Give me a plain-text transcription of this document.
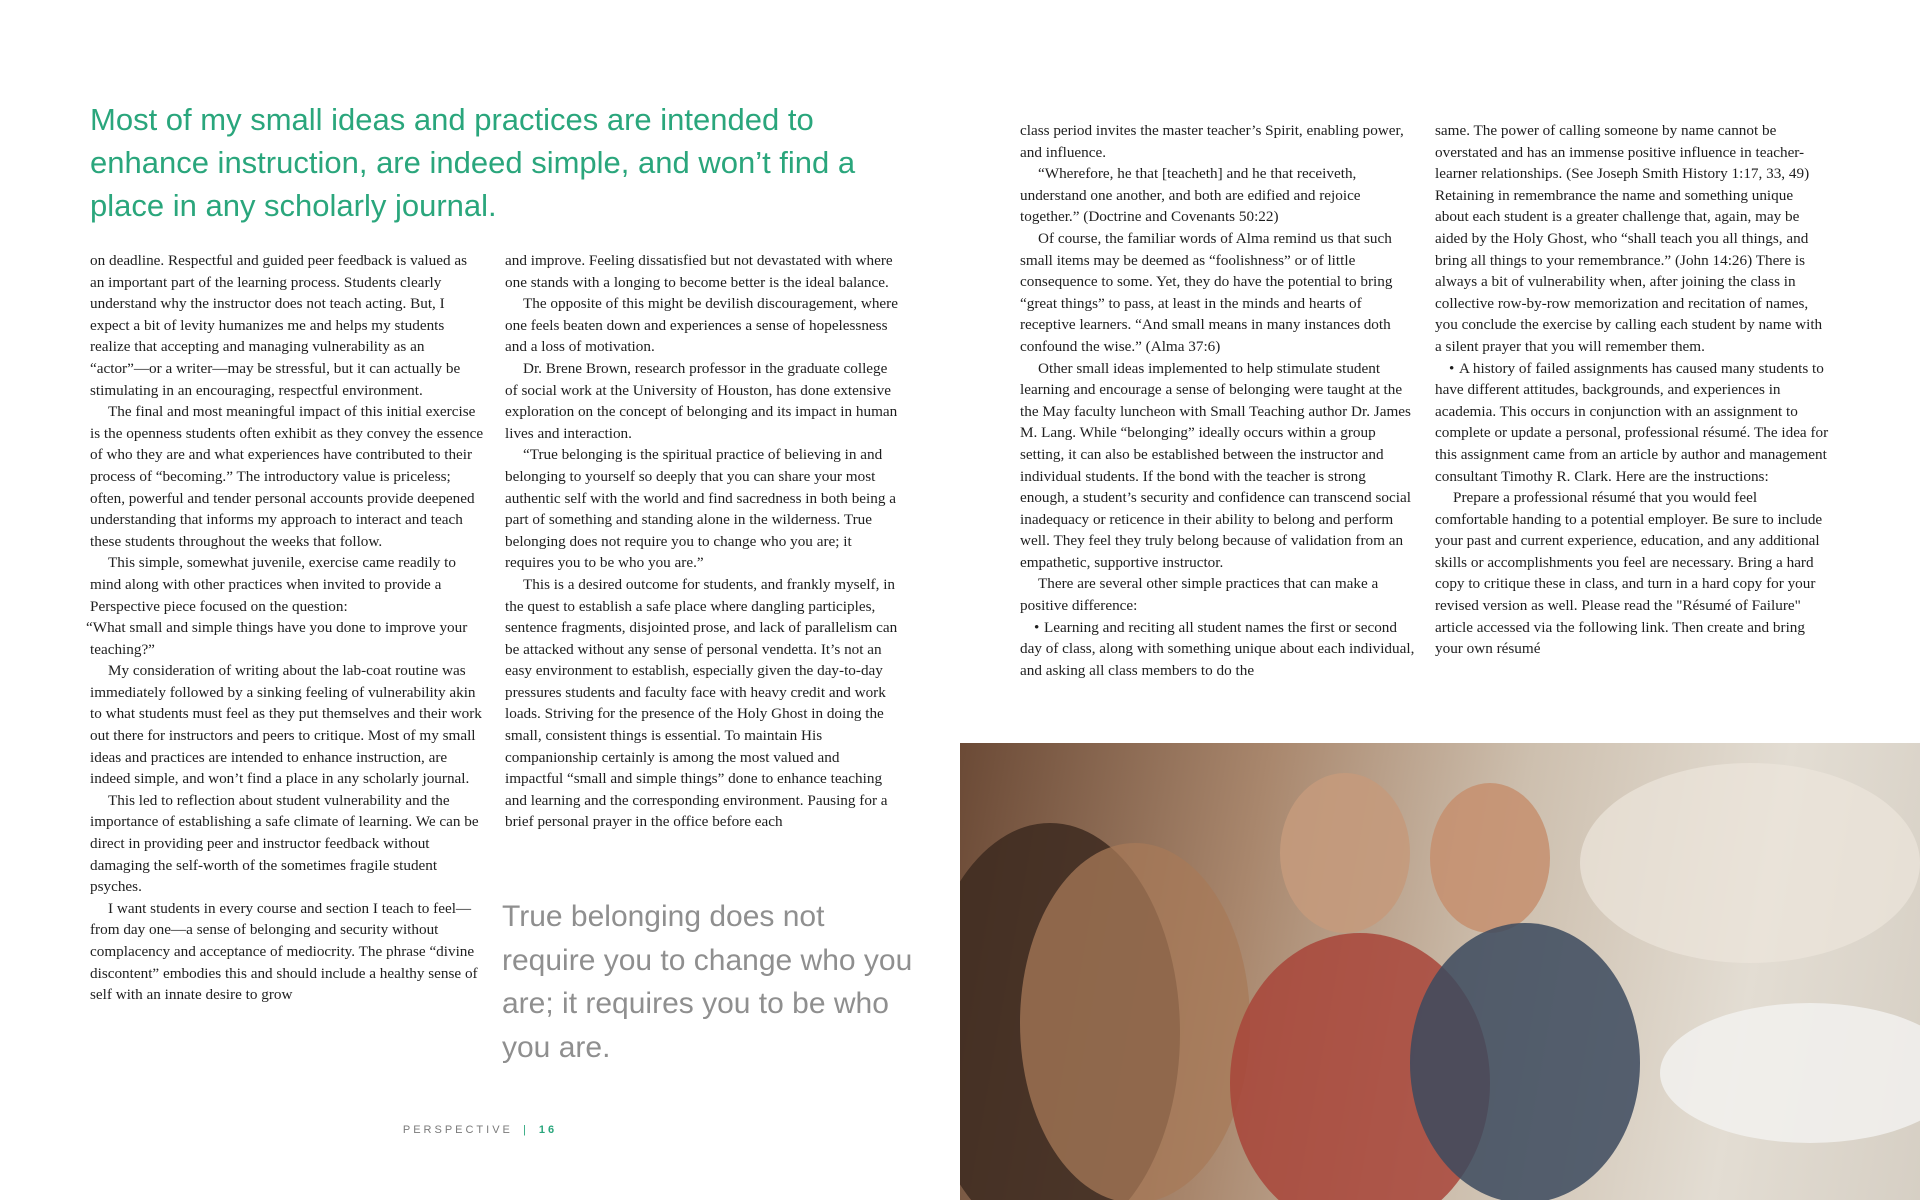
Most of my small ideas and practices are intended to enhance instruction, are indeed simple, and won’t find a place in any scholarly journal.

on deadline. Respectful and guided peer feedback is valued as an important part of the learning process. Students clearly understand why the instructor does not teach acting. But, I expect a bit of levity humanizes me and helps my students realize that accepting and managing vulnerability as an “actor”—or a writer—may be stressful, but it can actually be stimulating in an encouraging, respectful environment.

The final and most meaningful impact of this initial exercise is the openness students often exhibit as they convey the essence of who they are and what experiences have contributed to their process of “becoming.” The introductory value is priceless; often, powerful and tender personal accounts provide deepened understanding that informs my approach to interact and teach these students throughout the weeks that follow.

This simple, somewhat juvenile, exercise came readily to mind along with other practices when invited to provide a Perspective piece focused on the question:

“What small and simple things have you done to improve your teaching?”

My consideration of writing about the lab-coat routine was immediately followed by a sinking feeling of vulnerability akin to what students must feel as they put themselves and their work out there for instructors and peers to critique. Most of my small ideas and practices are intended to enhance instruction, are indeed simple, and won’t find a place in any scholarly journal.

This led to reflection about student vulnerability and the importance of establishing a safe climate of learning. We can be direct in providing peer and instructor feedback without damaging the self-worth of the sometimes fragile student psyches.

I want students in every course and section I teach to feel—from day one—a sense of belonging and security without complacency and acceptance of mediocrity. The phrase “divine discontent” embodies this and should include a healthy sense of self with an innate desire to grow

and improve. Feeling dissatisfied but not devastated with where one stands with a longing to become better is the ideal balance.

The opposite of this might be devilish discouragement, where one feels beaten down and experiences a sense of hopelessness and a loss of motivation.

Dr. Brene Brown, research professor in the graduate college of social work at the University of Houston, has done extensive exploration on the concept of belonging and its impact in human lives and interaction.

“True belonging is the spiritual practice of believing in and belonging to yourself so deeply that you can share your most authentic self with the world and find sacredness in both being a part of something and standing alone in the wilderness. True belonging does not require you to change who you are; it requires you to be who you are.”

This is a desired outcome for students, and frankly myself, in the quest to establish a safe place where dangling participles, sentence fragments, disjointed prose, and lack of parallelism can be attacked without any sense of personal vendetta. It’s not an easy environment to establish, especially given the day-to-day pressures students and faculty face with heavy credit and work loads. Striving for the presence of the Holy Ghost in doing the small, consistent things is essential. To maintain His companionship certainly is among the most valued and impactful “small and simple things” done to enhance teaching and learning and the corresponding environment. Pausing for a brief personal prayer in the office before each

True belonging does not require you to change who you are; it requires you to be who you are.

PERSPECTIVE | 16

class period invites the master teacher’s Spirit, enabling power, and influence.

“Wherefore, he that [teacheth] and he that receiveth, understand one another, and both are edified and rejoice together.” (Doctrine and Covenants 50:22)

Of course, the familiar words of Alma remind us that such small items may be deemed as “foolishness” or of little consequence to some. Yet, they do have the potential to bring “great things” to pass, at least in the minds and hearts of receptive learners. “And small means in many instances doth confound the wise.” (Alma 37:6)

Other small ideas implemented to help stimulate student learning and encourage a sense of belonging were taught at the the May faculty luncheon with Small Teaching author Dr. James M. Lang. While “belonging” ideally occurs within a group setting, it can also be established between the instructor and individual students. If the bond with the teacher is strong enough, a student’s security and confidence can transcend social inadequacy or reticence in their ability to belong and perform well. They feel they truly belong because of validation from an empathetic, supportive instructor.

There are several other simple practices that can make a positive difference:

• Learning and reciting all student names the first or second day of class, along with something unique about each individual, and asking all class members to do the

same. The power of calling someone by name cannot be overstated and has an immense positive influence in teacher-learner relationships. (See Joseph Smith History 1:17, 33, 49) Retaining in remembrance the name and something unique about each student is a greater challenge that, again, may be aided by the Holy Ghost, who “shall teach you all things, and bring all things to your remembrance.” (John 14:26) There is always a bit of vulnerability when, after joining the class in collective row-by-row memorization and recitation of names, you conclude the exercise by calling each student by name with a silent prayer that you will remember them.

• A history of failed assignments has caused many students to have different attitudes, backgrounds, and experiences in academia. This occurs in conjunction with an assignment to complete or update a personal, professional résumé. The idea for this assignment came from an article by author and management consultant Timothy R. Clark. Here are the instructions:

Prepare a professional résumé that you would feel comfortable handing to a potential employer. Be sure to include your past and current experience, education, and any additional skills or accomplishments you feel are necessary. Bring a hard copy to critique these in class, and turn in a hard copy for your revised version as well. Please read the "Résumé of Failure" article accessed via the following link. Then create and bring your own résumé
